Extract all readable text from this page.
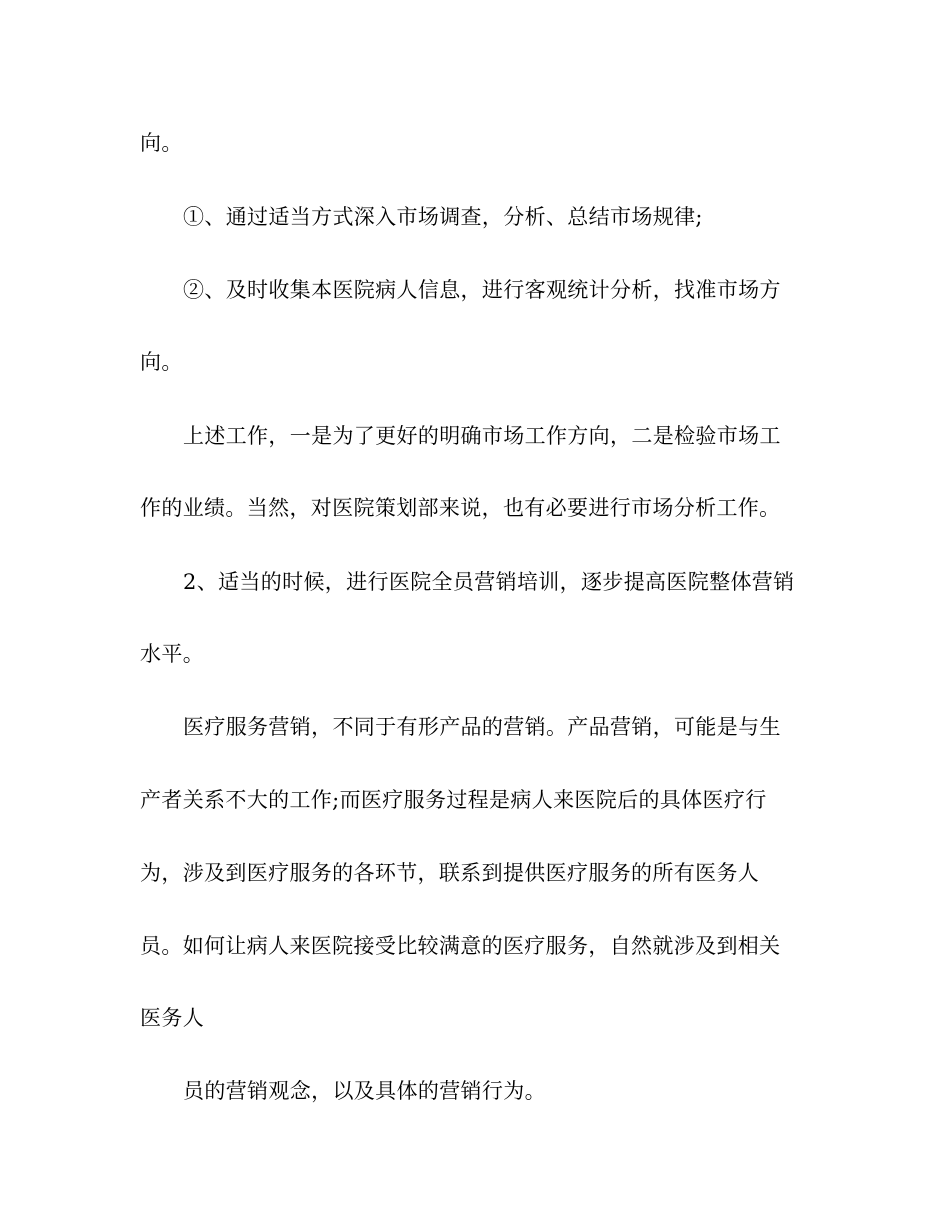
向。
①、通过适当方式深入市场调查，分析、总结市场规律;
②、及时收集本医院病人信息，进行客观统计分析，找准市场方
向。
上述工作，一是为了更好的明确市场工作方向，二是检验市场工
作的业绩。当然，对医院策划部来说，也有必要进行市场分析工作。
2、适当的时候，进行医院全员营销培训，逐步提高医院整体营销
水平。
医疗服务营销，不同于有形产品的营销。产品营销，可能是与生
产者关系不大的工作;而医疗服务过程是病人来医院后的具体医疗行
为，涉及到医疗服务的各环节，联系到提供医疗服务的所有医务人
员。如何让病人来医院接受比较满意的医疗服务，自然就涉及到相关
医务人
员的营销观念，以及具体的营销行为。
